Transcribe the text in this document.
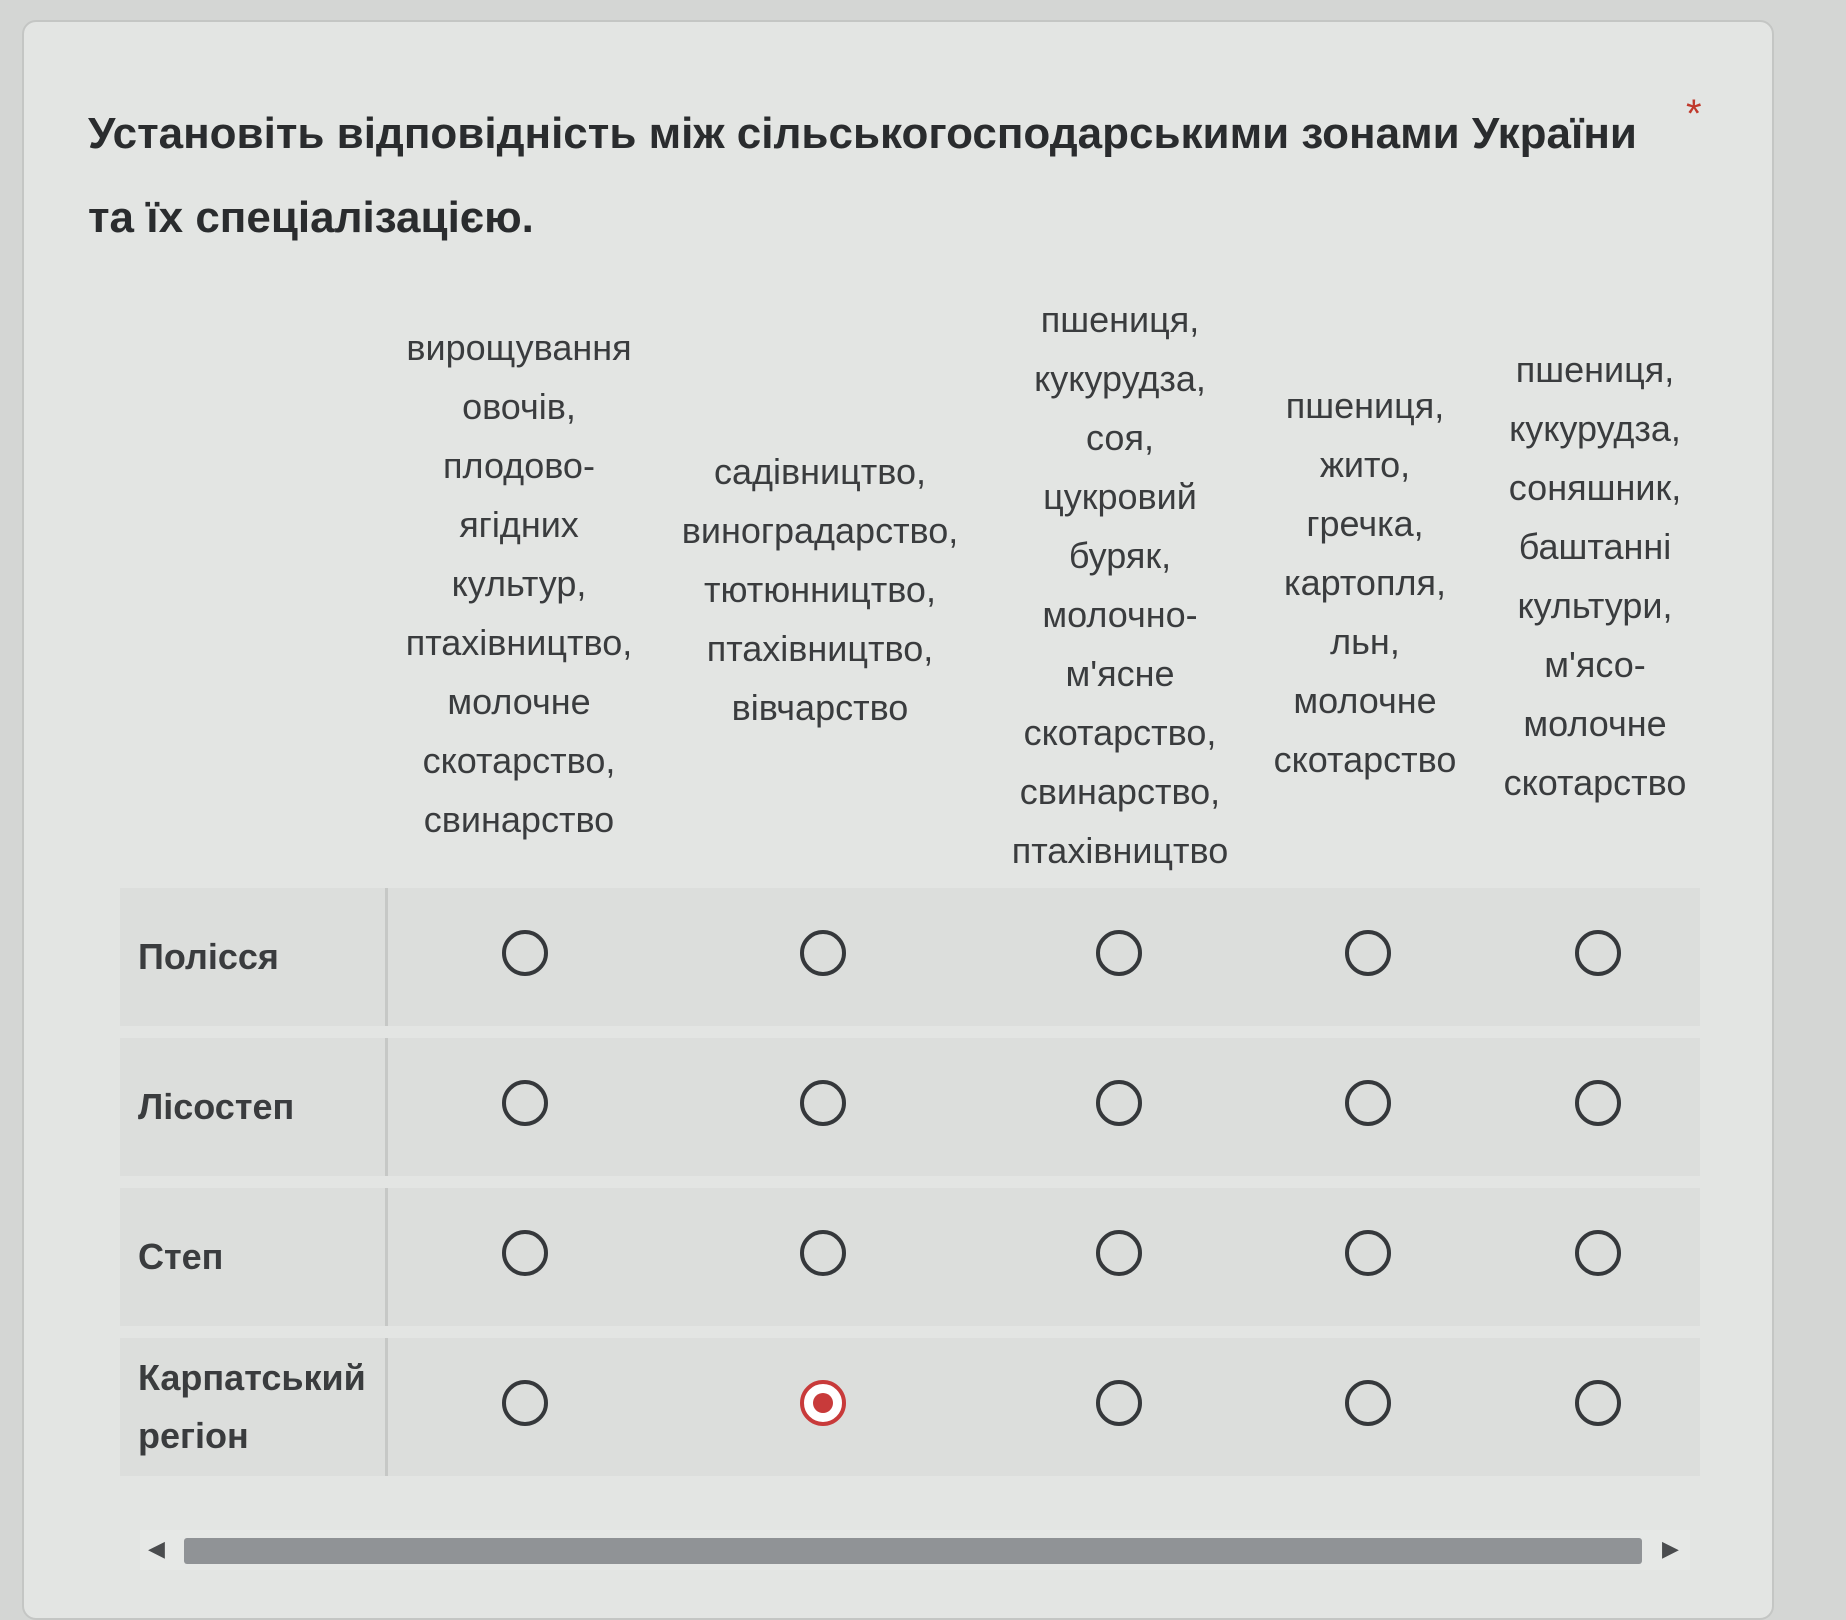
Установіть відповідність між сільськогосподарськими зонами України та їх спеціалізацією.
*
вирощування
овочів,
плодово-
ягідних
культур,
птахівництво,
молочне
скотарство,
свинарство
садівництво,
виноградарство,
тютюнництво,
птахівництво,
вівчарство
пшениця,
кукурудза,
соя,
цукровий
буряк,
молочно-
м'ясне
скотарство,
свинарство,
птахівництво
пшениця,
жито,
гречка,
картопля,
льн,
молочне
скотарство
пшениця,
кукурудза,
соняшник,
баштанні
культури,
м'ясо-
молочне
скотарство
Полісся
Лісостеп
Степ
Карпатський регіон
◀	▶
